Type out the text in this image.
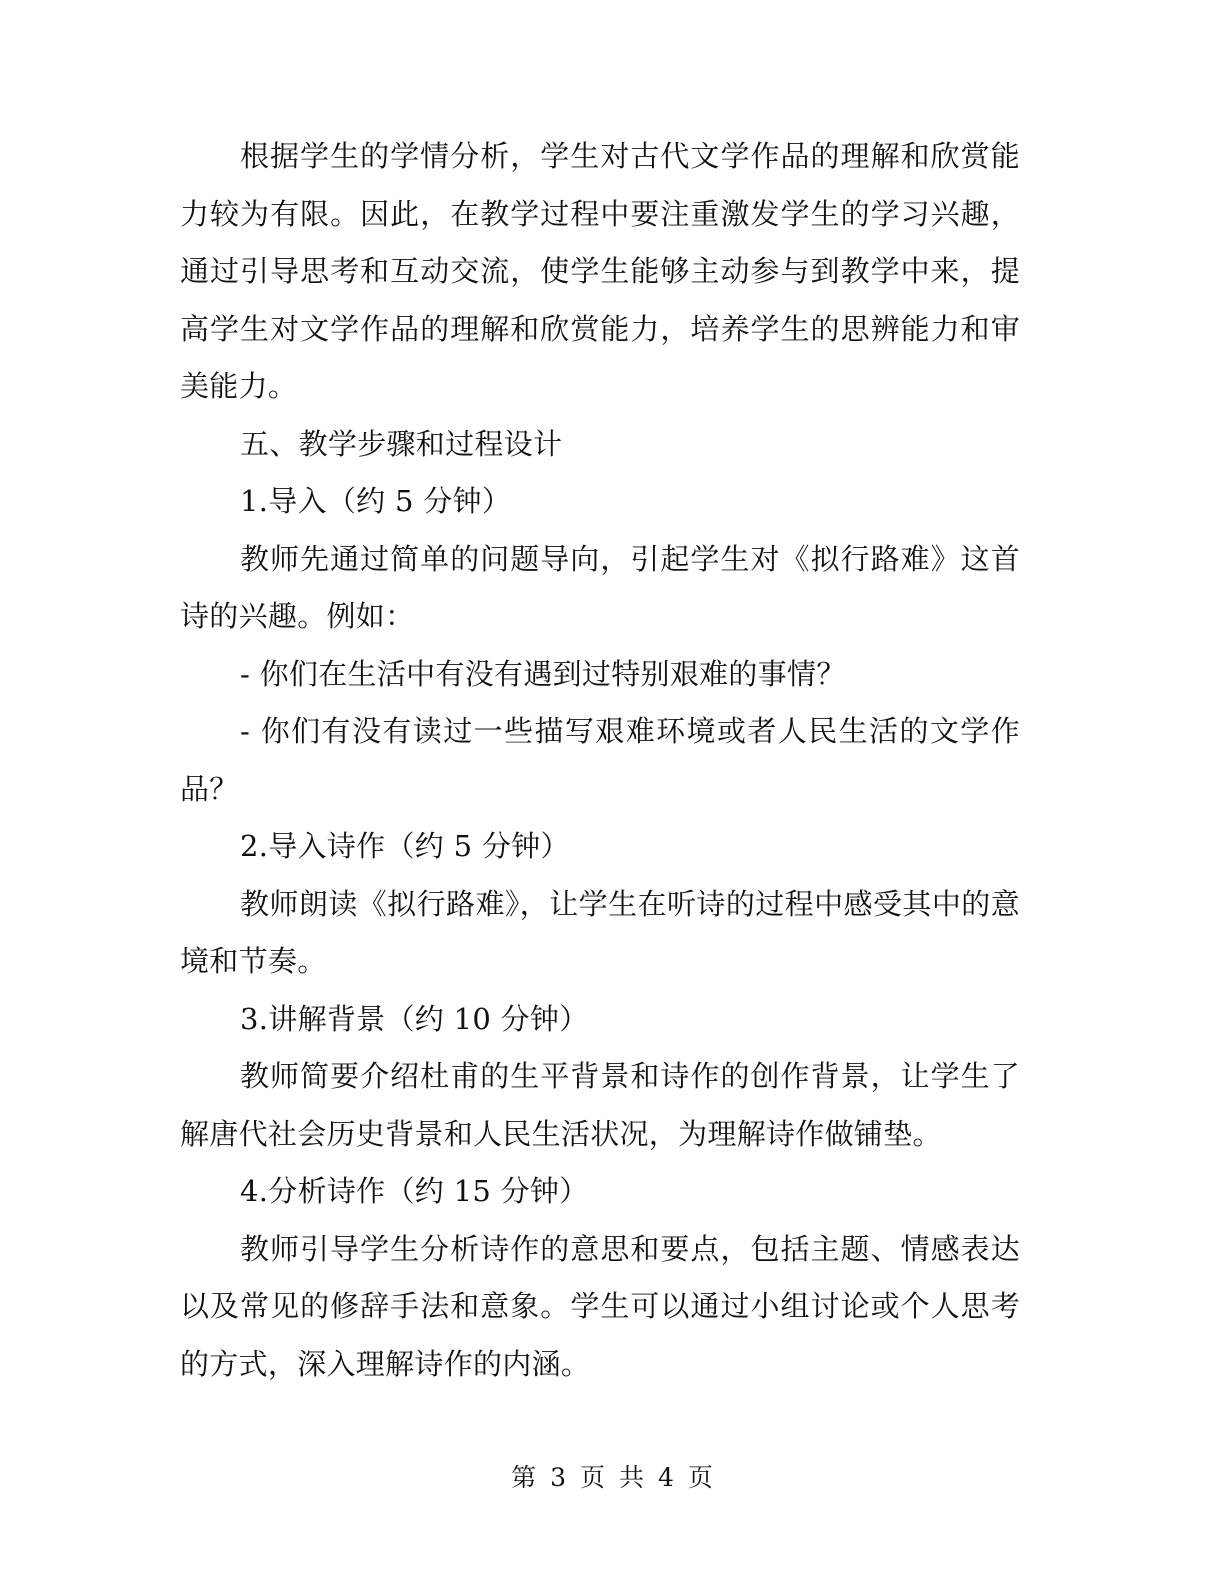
根据学生的学情分析，学生对古代文学作品的理解和欣赏能力较为有限。因此，在教学过程中要注重激发学生的学习兴趣，通过引导思考和互动交流，使学生能够主动参与到教学中来，提高学生对文学作品的理解和欣赏能力，培养学生的思辨能力和审美能力。

五、教学步骤和过程设计

1.导入（约 5 分钟）

教师先通过简单的问题导向，引起学生对《拟行路难》这首诗的兴趣。例如：

- 你们在生活中有没有遇到过特别艰难的事情？

- 你们有没有读过一些描写艰难环境或者人民生活的文学作品？

2.导入诗作（约 5 分钟）

教师朗读《拟行路难》，让学生在听诗的过程中感受其中的意境和节奏。

3.讲解背景（约 10 分钟）

教师简要介绍杜甫的生平背景和诗作的创作背景，让学生了解唐代社会历史背景和人民生活状况，为理解诗作做铺垫。

4.分析诗作（约 15 分钟）

教师引导学生分析诗作的意思和要点，包括主题、情感表达以及常见的修辞手法和意象。学生可以通过小组讨论或个人思考的方式，深入理解诗作的内涵。

第 3 页 共 4 页
